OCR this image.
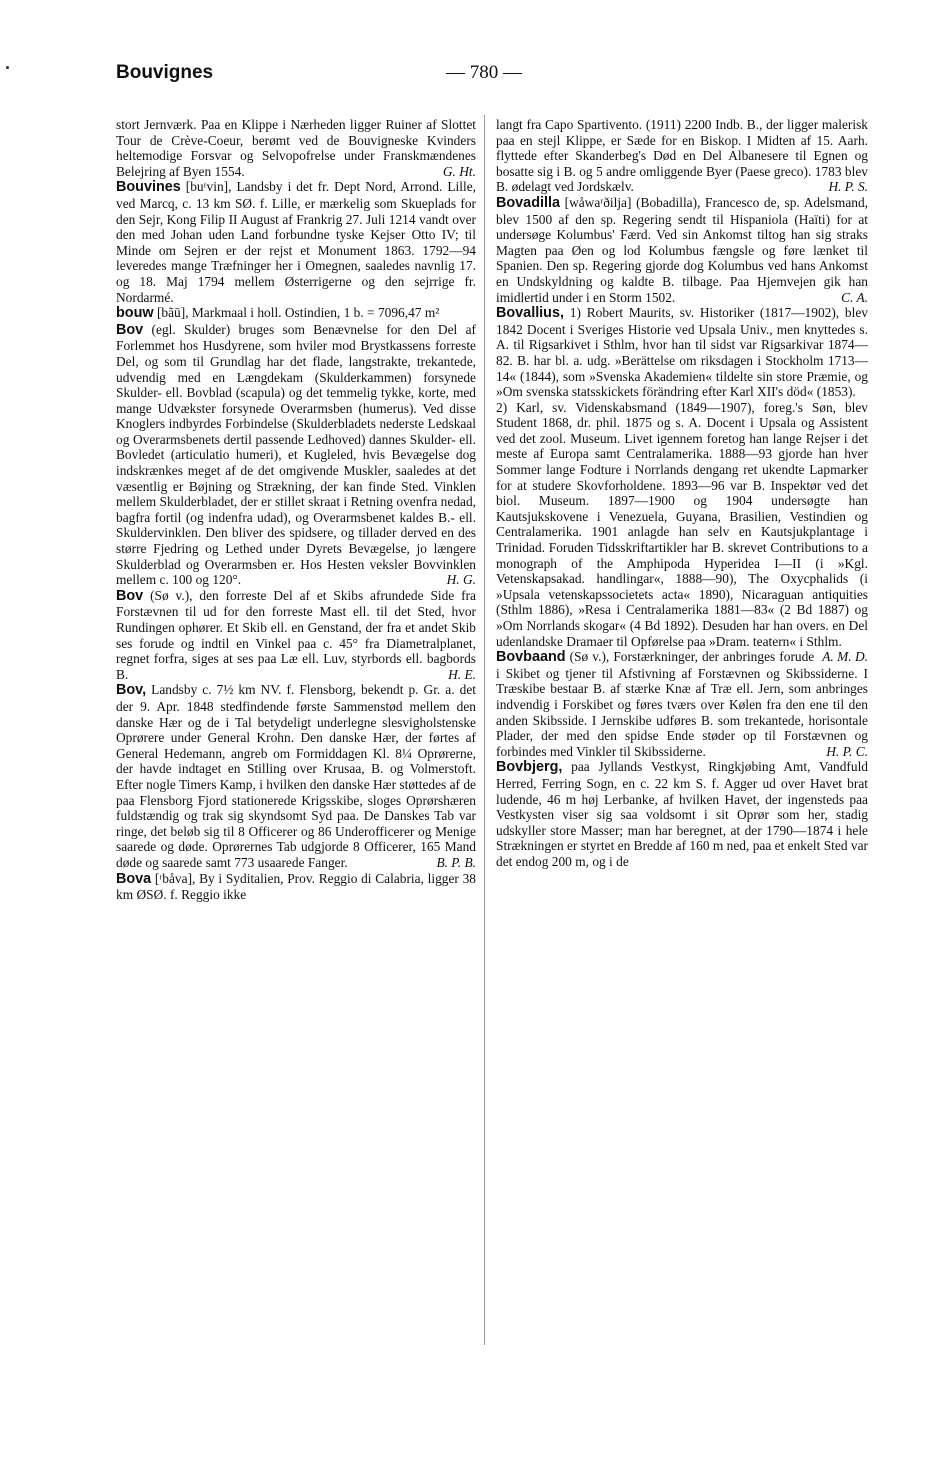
Bouvignes	— 780 —

stort Jernværk. Paa en Klippe i Nærheden ligger Ruiner af Slottet Tour de Crève-Coeur, berømt ved de Bouvigneske Kvinders heltemodige Forsvar og Selvopofrelse under Franskmændenes Belejring af Byen 1554.	G. Ht.

Bouvines [buʳvin], Landsby i det fr. Dept Nord, Arrond. Lille, ved Marcq, c. 13 km SØ. f. Lille, er mærkelig som Skueplads for den Sejr, Kong Filip II August af Frankrig 27. Juli 1214 vandt over den med Johan uden Land forbundne tyske Kejser Otto IV; til Minde om Sejren er der rejst et Monument 1863. 1792—94 leveredes mange Træfninger her i Omegnen, saaledes navnlig 17. og 18. Maj 1794 mellem Østerrigerne og den sejrrige fr. Nordarmé.

bouw [bãū], Markmaal i holl. Ostindien, 1 b. = 7096,47 m²

Bov (egl. Skulder) bruges som Benævnelse for den Del af Forlemmet hos Husdyrene, som hviler mod Brystkassens forreste Del, og som til Grundlag har det flade, langstrakte, trekantede, udvendig med en Længdekam (Skulderkammen) forsynede Skulder- ell. Bovblad (scapula) og det temmelig tykke, korte, med mange Udvækster forsynede Overarmsben (humerus). Ved disse Knoglers indbyrdes Forbindelse (Skulderbladets nederste Ledskaal og Overarmsbenets dertil passende Ledhoved) dannes Skulder- ell. Bovledet (articulatio humeri), et Kugleled, hvis Bevægelse dog indskrænkes meget af de det omgivende Muskler, saaledes at det væsentlig er Bøjning og Strækning, der kan finde Sted. Vinklen mellem Skulderbladet, der er stillet skraat i Retning ovenfra nedad, bagfra fortil (og indenfra udad), og Overarmsbenet kaldes B.- ell. Skuldervinklen. Den bliver des spidsere, og tillader derved en des større Fjedring og Lethed under Dyrets Bevægelse, jo længere Skulderblad og Overarmsben er. Hos Hesten veksler Bovvinklen mellem c. 100 og 120°.	H. G.

Bov (Sø v.), den forreste Del af et Skibs afrundede Side fra Forstævnen til ud for den forreste Mast ell. til det Sted, hvor Rundingen ophører. Et Skib ell. en Genstand, der fra et andet Skib ses forude og indtil en Vinkel paa c. 45° fra Diametralplanet, regnet forfra, siges at ses paa Læ ell. Luv, styrbords ell. bagbords B.	H. E.

Bov, Landsby c. 7½ km NV. f. Flensborg, bekendt p. Gr. a. det der 9. Apr. 1848 stedfindende første Sammenstød mellem den danske Hær og de i Tal betydeligt underlegne slesvigholstenske Oprørere under General Krohn. Den danske Hær, der førtes af General Hedemann, angreb om Formiddagen Kl. 8¼ Oprørerne, der havde indtaget en Stilling over Krusaa, B. og Volmerstoft. Efter nogle Timers Kamp, i hvilken den danske Hær støttedes af de paa Flensborg Fjord stationerede Krigsskibe, sloges Oprørshæren fuldstændig og trak sig skyndsomt Syd paa. De Danskes Tab var ringe, det beløb sig til 8 Officerer og 86 Underofficerer og Menige saarede og døde. Oprørernes Tab udgjorde 8 Officerer, 165 Mand døde og saarede samt 773 usaarede Fanger.	B. P. B.

Bova [ʳbåva], By i Syditalien, Prov. Reggio di Calabria, ligger 38 km ØSØ. f. Reggio ikke

langt fra Capo Spartivento. (1911) 2200 Indb. B., der ligger malerisk paa en stejl Klippe, er Sæde for en Biskop. I Midten af 15. Aarh. flyttede efter Skanderbeg's Død en Del Albanesere til Egnen og bosatte sig i B. og 5 andre omliggende Byer (Paese greco). 1783 blev B. ødelagt ved Jordskælv.	H. P. S.

Bovadilla [wåwaʳðiljа] (Bobadilla), Francesco de, sp. Adelsmand, blev 1500 af den sp. Regering sendt til Hispaniola (Haïti) for at undersøge Kolumbus' Færd. Ved sin Ankomst tiltog han sig straks Magten paa Øen og lod Kolumbus fængsle og føre lænket til Spanien. Den sp. Regering gjorde dog Kolumbus ved hans Ankomst en Undskyldning og kaldte B. tilbage. Paa Hjemvejen gik han imidlertid under i en Storm 1502.	C. A.

Bovallius, 1) Robert Maurits, sv. Historiker (1817—1902), blev 1842 Docent i Sveriges Historie ved Upsala Univ., men knyttedes s. A. til Rigsarkivet i Sthlm, hvor han til sidst var Rigsarkivar 1874—82. B. har bl. a. udg. »Berättelse om riksdagen i Stockholm 1713—14« (1844), som »Svenska Akademien« tildelte sin store Præmie, og »Om svenska statsskickets förändring efter Karl XII's död« (1853).

2) Karl, sv. Videnskabsmand (1849—1907), foreg.'s Søn, blev Student 1868, dr. phil. 1875 og s. A. Docent i Upsala og Assistent ved det zool. Museum. Livet igennem foretog han lange Rejser i det meste af Europa samt Centralamerika. 1888—93 gjorde han hver Sommer lange Fodture i Norrlands dengang ret ukendte Lapmarker for at studere Skovforholdene. 1893—96 var B. Inspektør ved det biol. Museum. 1897—1900 og 1904 undersøgte han Kautsjukskovene i Venezuela, Guyana, Brasilien, Vestindien og Centralamerika. 1901 anlagde han selv en Kautsjukplantage i Trinidad. Foruden Tidsskriftartikler har B. skrevet Contributions to a monograph of the Amphipoda Hyperidea I—II (i »Kgl. Vetenskapsakad. handlingar«, 1888—90), The Oxycphalids (i »Upsala vetenskapssocietets acta« 1890), Nicaraguan antiquities (Sthlm 1886), »Resa i Centralamerika 1881—83« (2 Bd 1887) og »Om Norrlands skogar« (4 Bd 1892). Desuden har han overs. en Del udenlandske Dramaer til Opførelse paa »Dram. teatern« i Sthlm.
A. M. D.

Bovbaand (Sø v.), Forstærkninger, der anbringes forude i Skibet og tjener til Afstivning af Forstævnen og Skibssiderne. I Træskibe bestaar B. af stærke Knæ af Træ ell. Jern, som anbringes indvendig i Forskibet og føres tværs over Kølen fra den ene til den anden Skibsside. I Jernskibe udføres B. som trekantede, horisontale Plader, der med den spidse Ende støder op til Forstævnen og forbindes med Vinkler til Skibssiderne.	H. P. C.

Bovbjerg, paa Jyllands Vestkyst, Ringkjøbing Amt, Vandfuld Herred, Ferring Sogn, en c. 22 km S. f. Agger ud over Havet brat ludende, 46 m høj Lerbanke, af hvilken Havet, der ingensteds paa Vestkysten viser sig saa voldsomt i sit Oprør som her, stadig udskyller store Masser; man har beregnet, at der 1790—1874 i hele Strækningen er styrtet en Bredde af 160 m ned, paa et enkelt Sted var det endog 200 m, og i de
